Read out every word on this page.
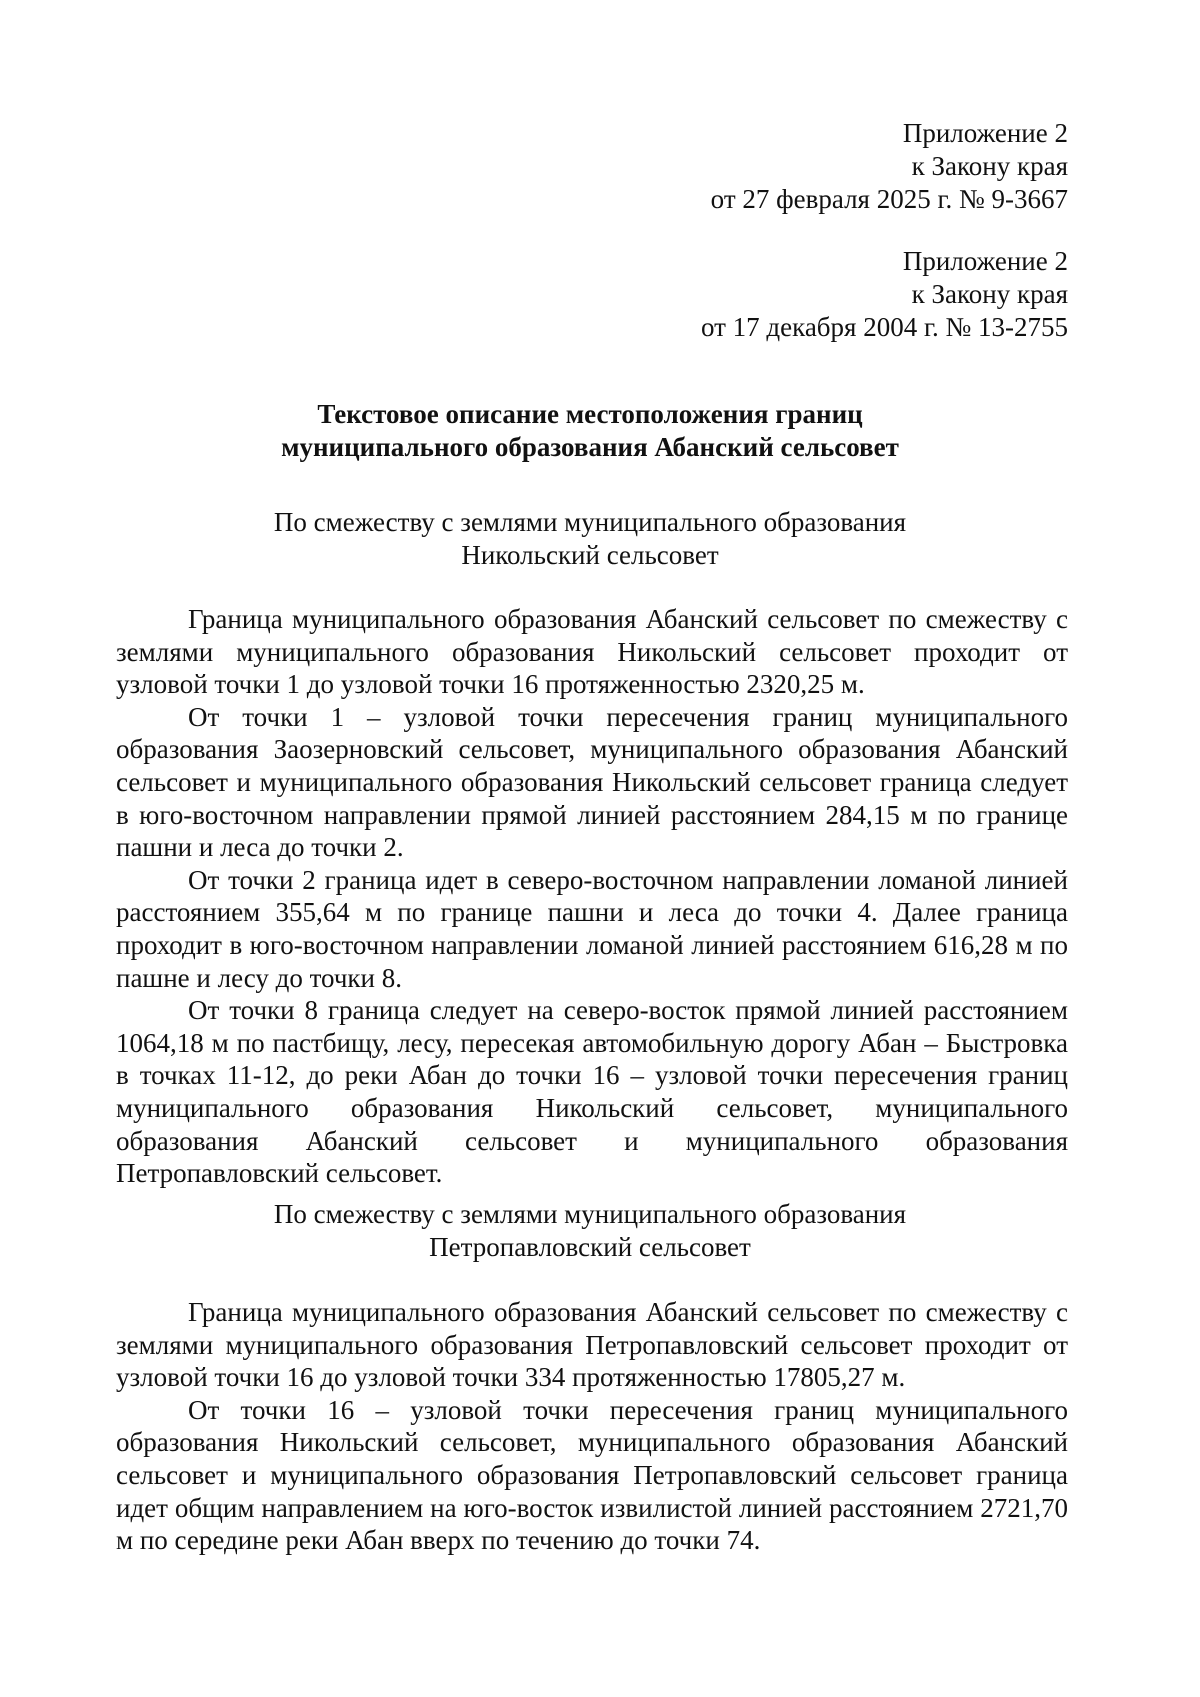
Приложение 2
к Закону края
от 27 февраля 2025 г. № 9-3667
Приложение 2
к Закону края
от 17 декабря 2004 г. № 13-2755
Текстовое описание местоположения границ
муниципального образования Абанский сельсовет
По смежеству с землями муниципального образования
Никольский сельсовет

Граница муниципального образования Абанский сельсовет по смежеству с землями муниципального образования Никольский сельсовет проходит от узловой точки 1 до узловой точки 16 протяженностью 2320,25 м.

От точки 1 – узловой точки пересечения границ муниципального образования Заозерновский сельсовет, муниципального образования Абанский сельсовет и муниципального образования Никольский сельсовет граница следует в юго-восточном направлении прямой линией расстоянием 284,15 м по границе пашни и леса до точки 2.

От точки 2 граница идет в северо-восточном направлении ломаной линией расстоянием 355,64 м по границе пашни и леса до точки 4. Далее граница проходит в юго-восточном направлении ломаной линией расстоянием 616,28 м по пашне и лесу до точки 8.

От точки 8 граница следует на северо-восток прямой линией расстоянием 1064,18 м по пастбищу, лесу, пересекая автомобильную дорогу Абан – Быстровка в точках 11-12, до реки Абан до точки 16 – узловой точки пересечения границ муниципального образования Никольский сельсовет, муниципального образования Абанский сельсовет и муниципального образования Петропавловский сельсовет.

По смежеству с землями муниципального образования
Петропавловский сельсовет

Граница муниципального образования Абанский сельсовет по смежеству с землями муниципального образования Петропавловский сельсовет проходит от узловой точки 16 до узловой точки 334 протяженностью 17805,27 м.

От точки 16 – узловой точки пересечения границ муниципального образования Никольский сельсовет, муниципального образования Абанский сельсовет и муниципального образования Петропавловский сельсовет граница идет общим направлением на юго-восток извилистой линией расстоянием 2721,70 м по середине реки Абан вверх по течению до точки 74.
